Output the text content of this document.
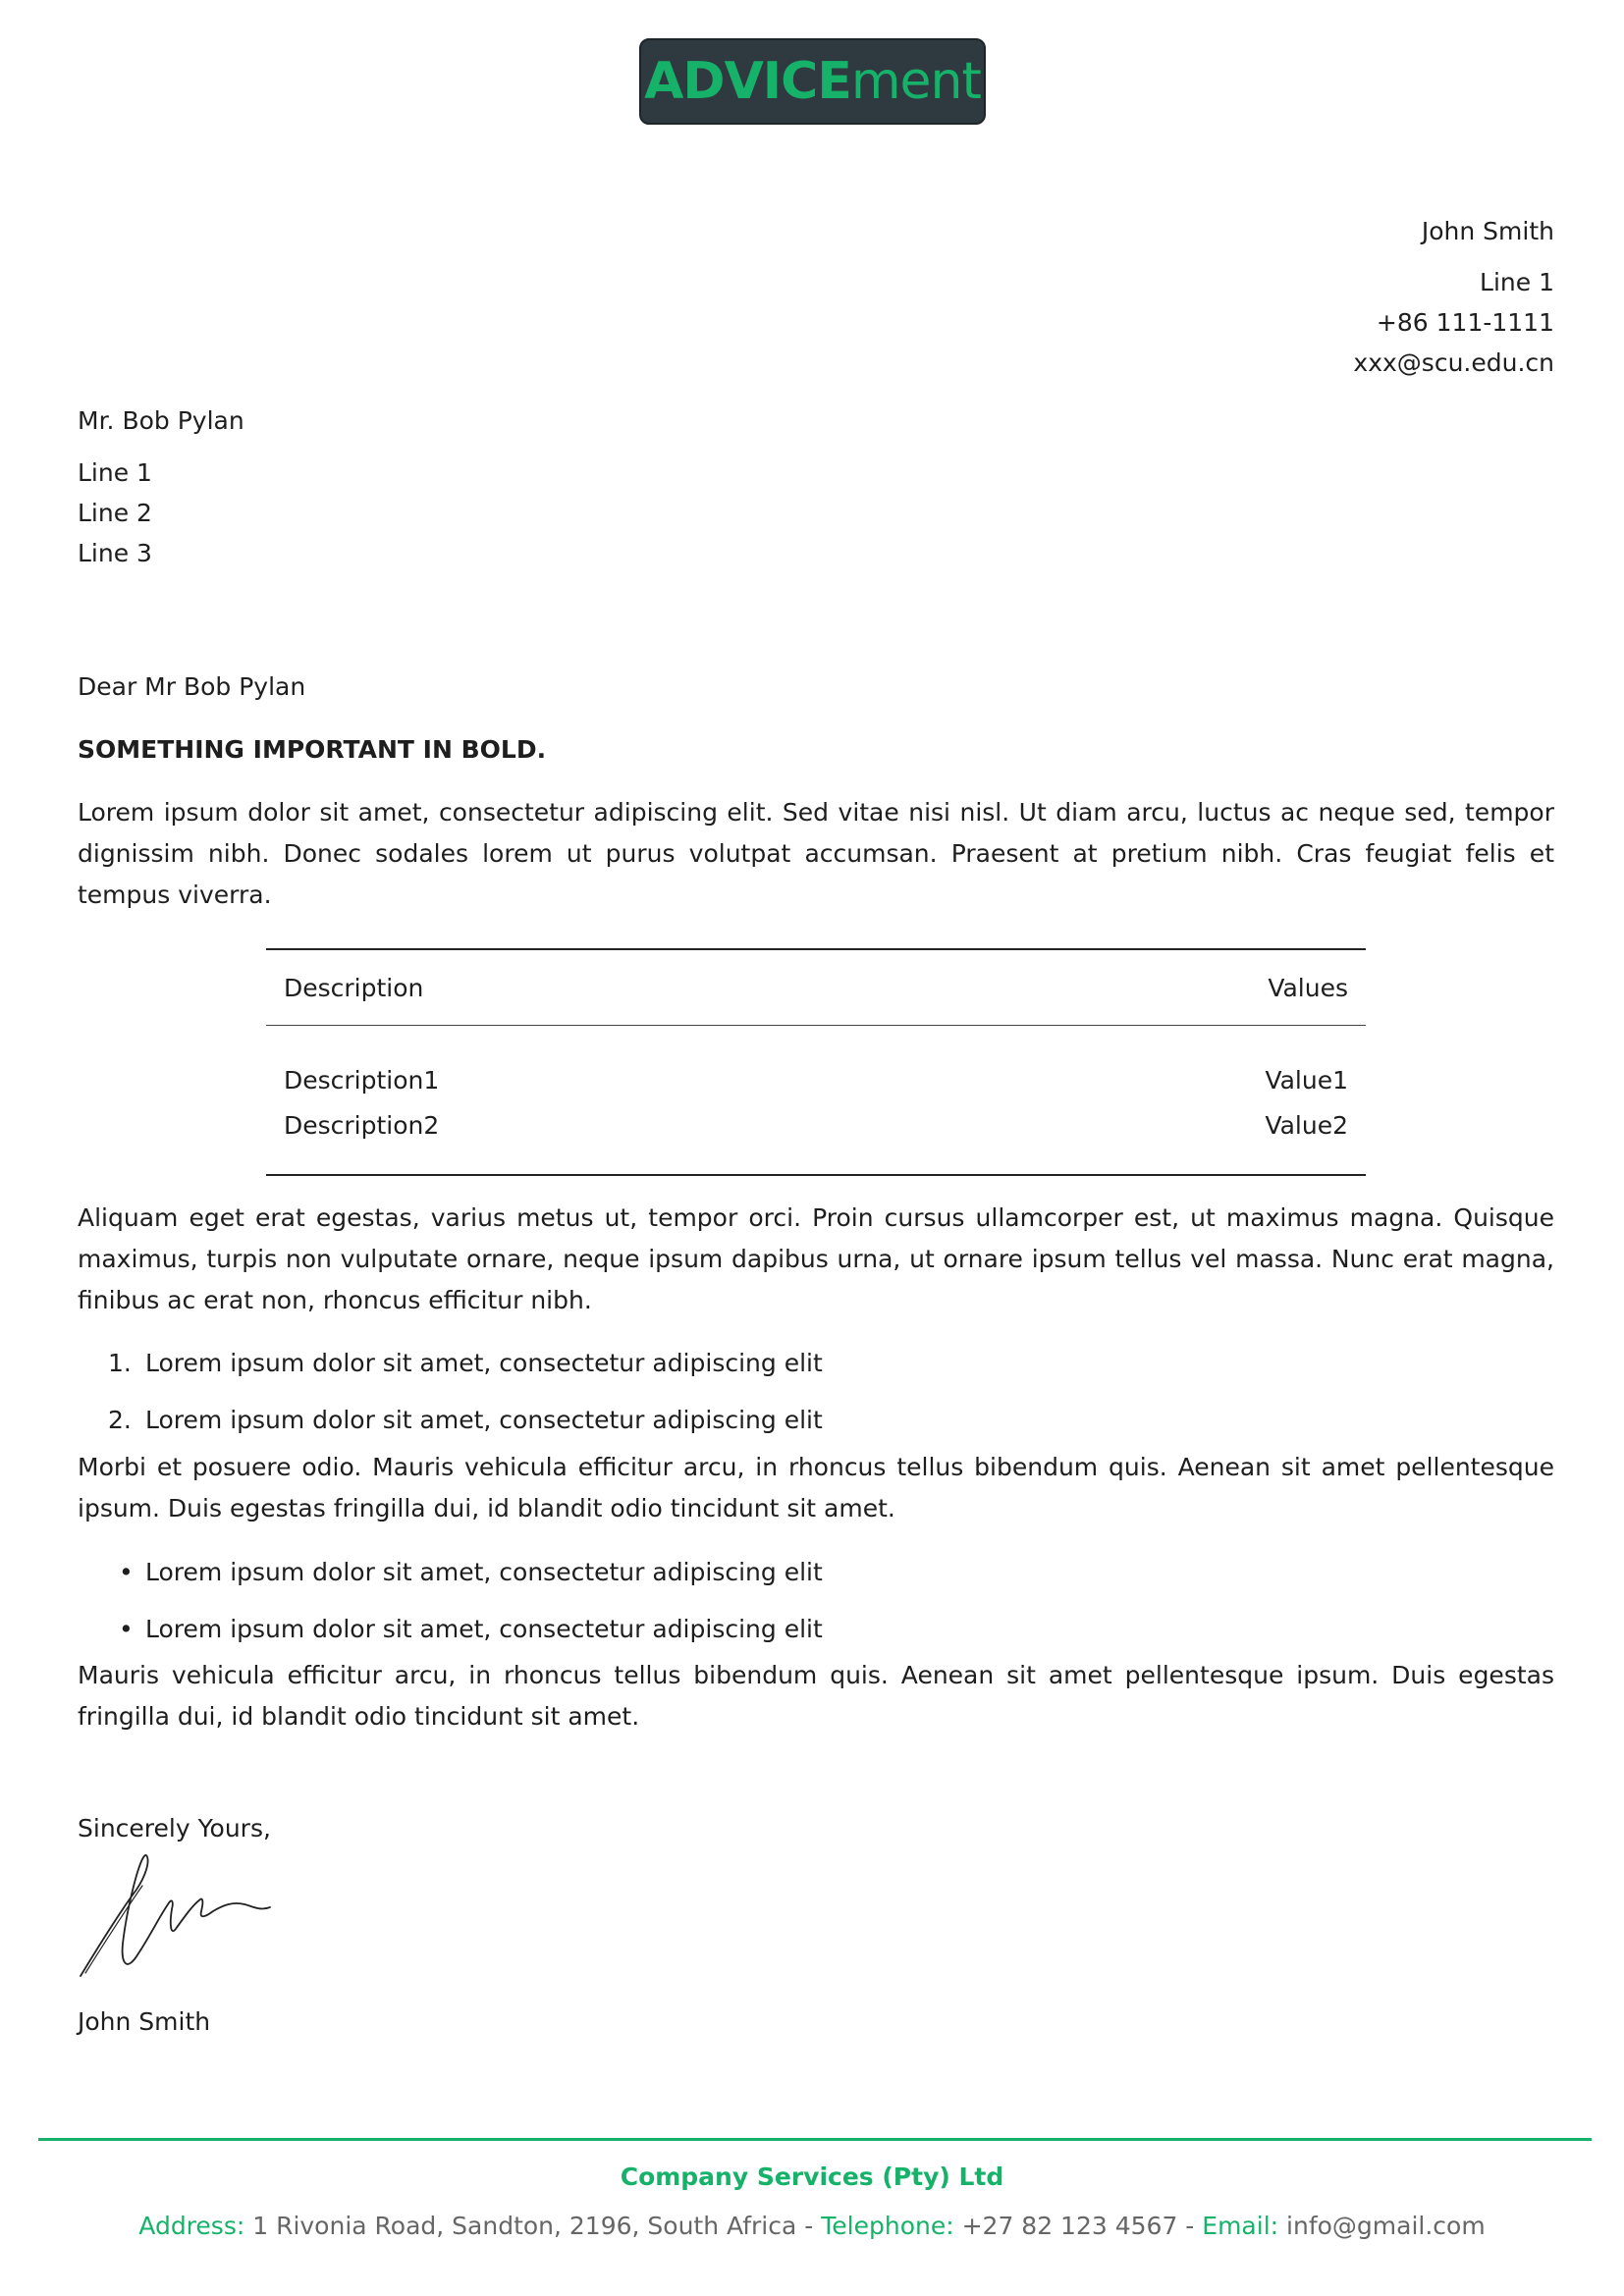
ADVICEment
John Smith
Line 1
+86 111-1111
xxx@scu.edu.cn
Mr. Bob Pylan
Line 1
Line 2
Line 3
Dear Mr Bob Pylan
SOMETHING IMPORTANT IN BOLD.
Lorem ipsum dolor sit amet, consectetur adipiscing elit. Sed vitae nisi nisl. Ut diam arcu, luctus ac neque sed, tempor dignissim nibh. Donec sodales lorem ut purus volutpat accumsan. Praesent at pretium nibh. Cras feugiat felis et tempus viverra.
Description	Values
Description1	Value1
Description2	Value2
Aliquam eget erat egestas, varius metus ut, tempor orci. Proin cursus ullamcorper est, ut maximus magna. Quisque maximus, turpis non vulputate ornare, neque ipsum dapibus urna, ut ornare ipsum tellus vel massa. Nunc erat magna, finibus ac erat non, rhoncus efficitur nibh.
1. Lorem ipsum dolor sit amet, consectetur adipiscing elit
2. Lorem ipsum dolor sit amet, consectetur adipiscing elit
Morbi et posuere odio. Mauris vehicula efficitur arcu, in rhoncus tellus bibendum quis. Aenean sit amet pellentesque ipsum. Duis egestas fringilla dui, id blandit odio tincidunt sit amet.
• Lorem ipsum dolor sit amet, consectetur adipiscing elit
• Lorem ipsum dolor sit amet, consectetur adipiscing elit
Mauris vehicula efficitur arcu, in rhoncus tellus bibendum quis. Aenean sit amet pellentesque ipsum. Duis egestas fringilla dui, id blandit odio tincidunt sit amet.
Sincerely Yours,
John Smith
Company Services (Pty) Ltd
Address: 1 Rivonia Road, Sandton, 2196, South Africa - Telephone: +27 82 123 4567 - Email: info@gmail.com
